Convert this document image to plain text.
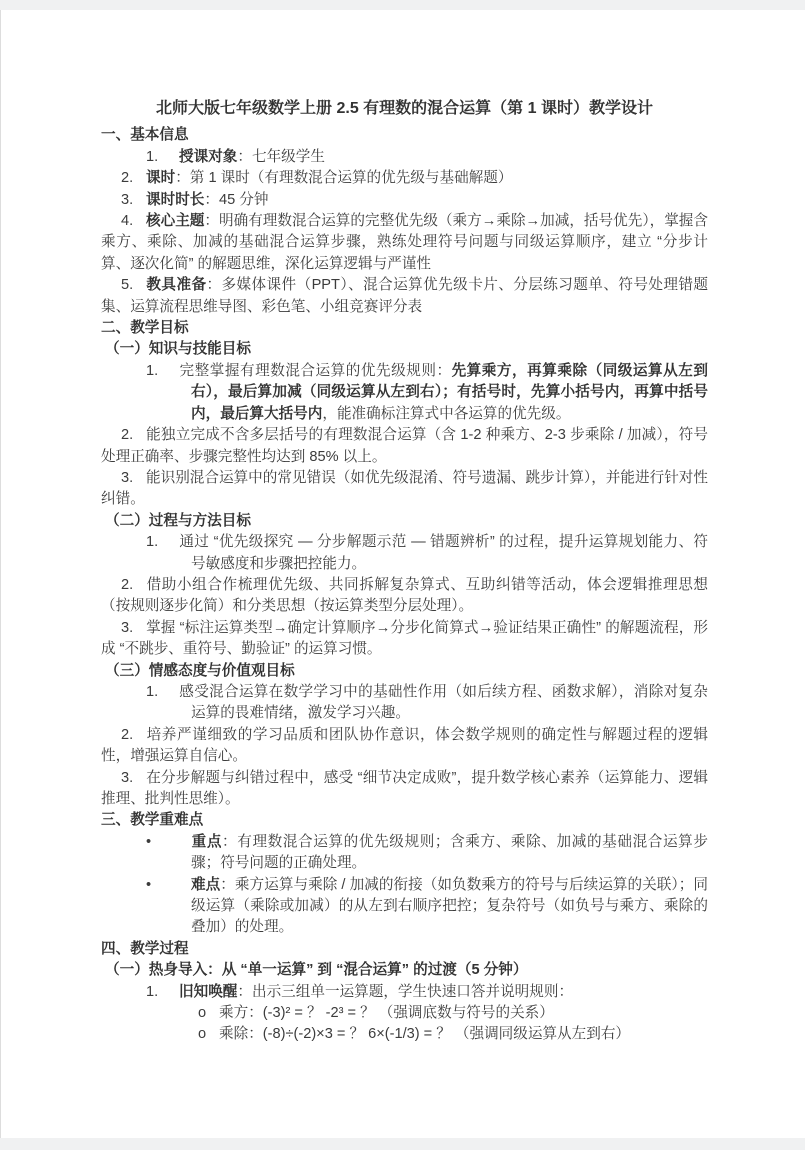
北师大版七年级数学上册 2.5 有理数的混合运算（第 1 课时）教学设计

一、基本信息

1. 授课对象：七年级学生

2. 课时：第 1 课时（有理数混合运算的优先级与基础解题）

3. 课时时长：45 分钟

4. 核心主题：明确有理数混合运算的完整优先级（乘方→乘除→加减，括号优先），掌握含乘方、乘除、加减的基础混合运算步骤，熟练处理符号问题与同级运算顺序，建立 “分步计算、逐次化简” 的解题思维，深化运算逻辑与严谨性

5. 教具准备：多媒体课件（PPT）、混合运算优先级卡片、分层练习题单、符号处理错题集、运算流程思维导图、彩色笔、小组竞赛评分表

二、教学目标

（一）知识与技能目标

1. 完整掌握有理数混合运算的优先级规则：先算乘方，再算乘除（同级运算从左到右），最后算加减（同级运算从左到右）；有括号时，先算小括号内，再算中括号内，最后算大括号内，能准确标注算式中各运算的优先级。

2. 能独立完成不含多层括号的有理数混合运算（含 1-2 种乘方、2-3 步乘除 / 加减），符号处理正确率、步骤完整性均达到 85% 以上。

3. 能识别混合运算中的常见错误（如优先级混淆、符号遗漏、跳步计算），并能进行针对性纠错。

（二）过程与方法目标

1. 通过 “优先级探究 — 分步解题示范 — 错题辨析” 的过程，提升运算规划能力、符号敏感度和步骤把控能力。

2. 借助小组合作梳理优先级、共同拆解复杂算式、互助纠错等活动，体会逻辑推理思想（按规则逐步化简）和分类思想（按运算类型分层处理）。

3. 掌握 “标注运算类型→确定计算顺序→分步化简算式→验证结果正确性” 的解题流程，形成 “不跳步、重符号、勤验证” 的运算习惯。

（三）情感态度与价值观目标

1. 感受混合运算在数学学习中的基础性作用（如后续方程、函数求解），消除对复杂运算的畏难情绪，激发学习兴趣。

2. 培养严谨细致的学习品质和团队协作意识，体会数学规则的确定性与解题过程的逻辑性，增强运算自信心。

3. 在分步解题与纠错过程中，感受 “细节决定成败”，提升数学核心素养（运算能力、逻辑推理、批判性思维）。

三、教学重难点

•	重点：有理数混合运算的优先级规则；含乘方、乘除、加减的基础混合运算步骤；符号问题的正确处理。

•	难点：乘方运算与乘除 / 加减的衔接（如负数乘方的符号与后续运算的关联）；同级运算（乘除或加减）的从左到右顺序把控；复杂符号（如负号与乘方、乘除的叠加）的处理。

四、教学过程

（一）热身导入：从 “单一运算” 到 “混合运算” 的过渡（5 分钟）

1. 旧知唤醒：出示三组单一运算题，学生快速口答并说明规则：

o 乘方：(-3)² = ？ -2³ = ？ （强调底数与符号的关系）

o 乘除：(-8)÷(-2)×3 = ？ 6×(-1/3) = ？ （强调同级运算从左到右）
